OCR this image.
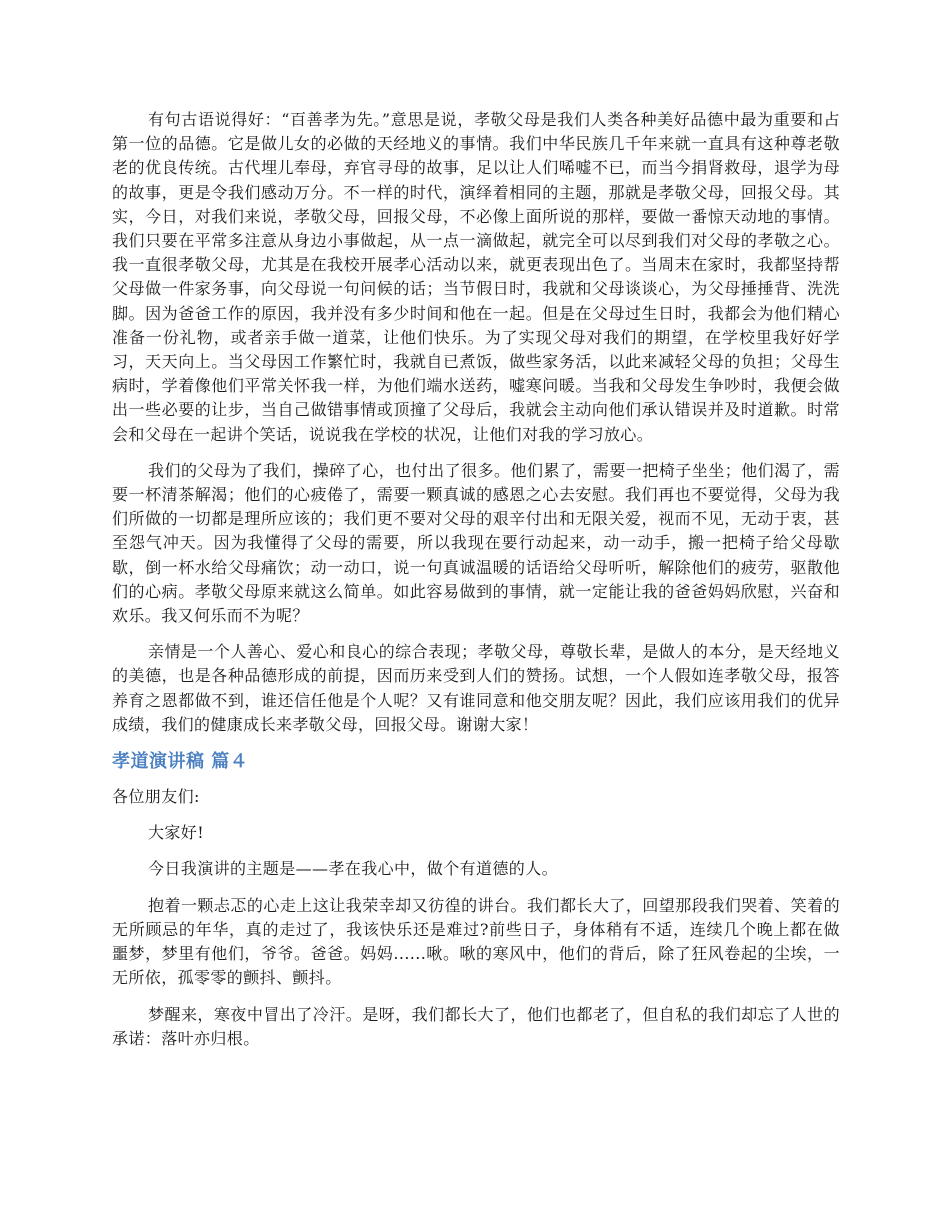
有句古语说得好：“百善孝为先。”意思是说，孝敬父母是我们人类各种美好品德中最为重要和占第一位的品德。它是做儿女的必做的天经地义的事情。我们中华民族几千年来就一直具有这种尊老敬老的优良传统。古代埋儿奉母，弃官寻母的故事，足以让人们唏嘘不已，而当今捐肾救母，退学为母的故事，更是令我们感动万分。不一样的时代，演绎着相同的主题，那就是孝敬父母，回报父母。其实，今日，对我们来说，孝敬父母，回报父母，不必像上面所说的那样，要做一番惊天动地的事情。我们只要在平常多注意从身边小事做起，从一点一滴做起，就完全可以尽到我们对父母的孝敬之心。我一直很孝敬父母，尤其是在我校开展孝心活动以来，就更表现出色了。当周末在家时，我都坚持帮父母做一件家务事，向父母说一句问候的话；当节假日时，我就和父母谈谈心，为父母捶捶背、洗洗脚。因为爸爸工作的原因，我并没有多少时间和他在一起。但是在父母过生日时，我都会为他们精心准备一份礼物，或者亲手做一道菜，让他们快乐。为了实现父母对我们的期望，在学校里我好好学习，天天向上。当父母因工作繁忙时，我就自已煮饭，做些家务活，以此来减轻父母的负担；父母生病时，学着像他们平常关怀我一样，为他们端水送药，嘘寒问暖。当我和父母发生争吵时，我便会做出一些必要的让步，当自己做错事情或顶撞了父母后，我就会主动向他们承认错误并及时道歉。时常会和父母在一起讲个笑话，说说我在学校的状况，让他们对我的学习放心。

我们的父母为了我们，操碎了心，也付出了很多。他们累了，需要一把椅子坐坐；他们渴了，需要一杯清茶解渴；他们的心疲倦了，需要一颗真诚的感恩之心去安慰。我们再也不要觉得，父母为我们所做的一切都是理所应该的；我们更不要对父母的艰辛付出和无限关爱，视而不见，无动于衷，甚至怨气冲天。因为我懂得了父母的需要，所以我现在要行动起来，动一动手，搬一把椅子给父母歇歇，倒一杯水给父母痛饮；动一动口，说一句真诚温暖的话语给父母听听，解除他们的疲劳，驱散他们的心病。孝敬父母原来就这么简单。如此容易做到的事情，就一定能让我的爸爸妈妈欣慰，兴奋和欢乐。我又何乐而不为呢？

亲情是一个人善心、爱心和良心的综合表现；孝敬父母，尊敬长辈，是做人的本分，是天经地义的美德，也是各种品德形成的前提，因而历来受到人们的赞扬。试想，一个人假如连孝敬父母，报答养育之恩都做不到，谁还信任他是个人呢？又有谁同意和他交朋友呢？因此，我们应该用我们的优异成绩，我们的健康成长来孝敬父母，回报父母。谢谢大家！

孝道演讲稿 篇４

各位朋友们:

大家好!

今日我演讲的主题是——孝在我心中，做个有道德的人。

抱着一颗忐忑的心走上这让我荣幸却又彷徨的讲台。我们都长大了，回望那段我们哭着、笑着的无所顾忌的年华，真的走过了，我该快乐还是难过?前些日子，身体稍有不适，连续几个晚上都在做噩梦，梦里有他们，爷爷。爸爸。妈妈......啾。啾的寒风中，他们的背后，除了狂风卷起的尘埃，一无所依，孤零零的颤抖、颤抖。

梦醒来，寒夜中冒出了冷汗。是呀，我们都长大了，他们也都老了，但自私的我们却忘了人世的承诺：落叶亦归根。
